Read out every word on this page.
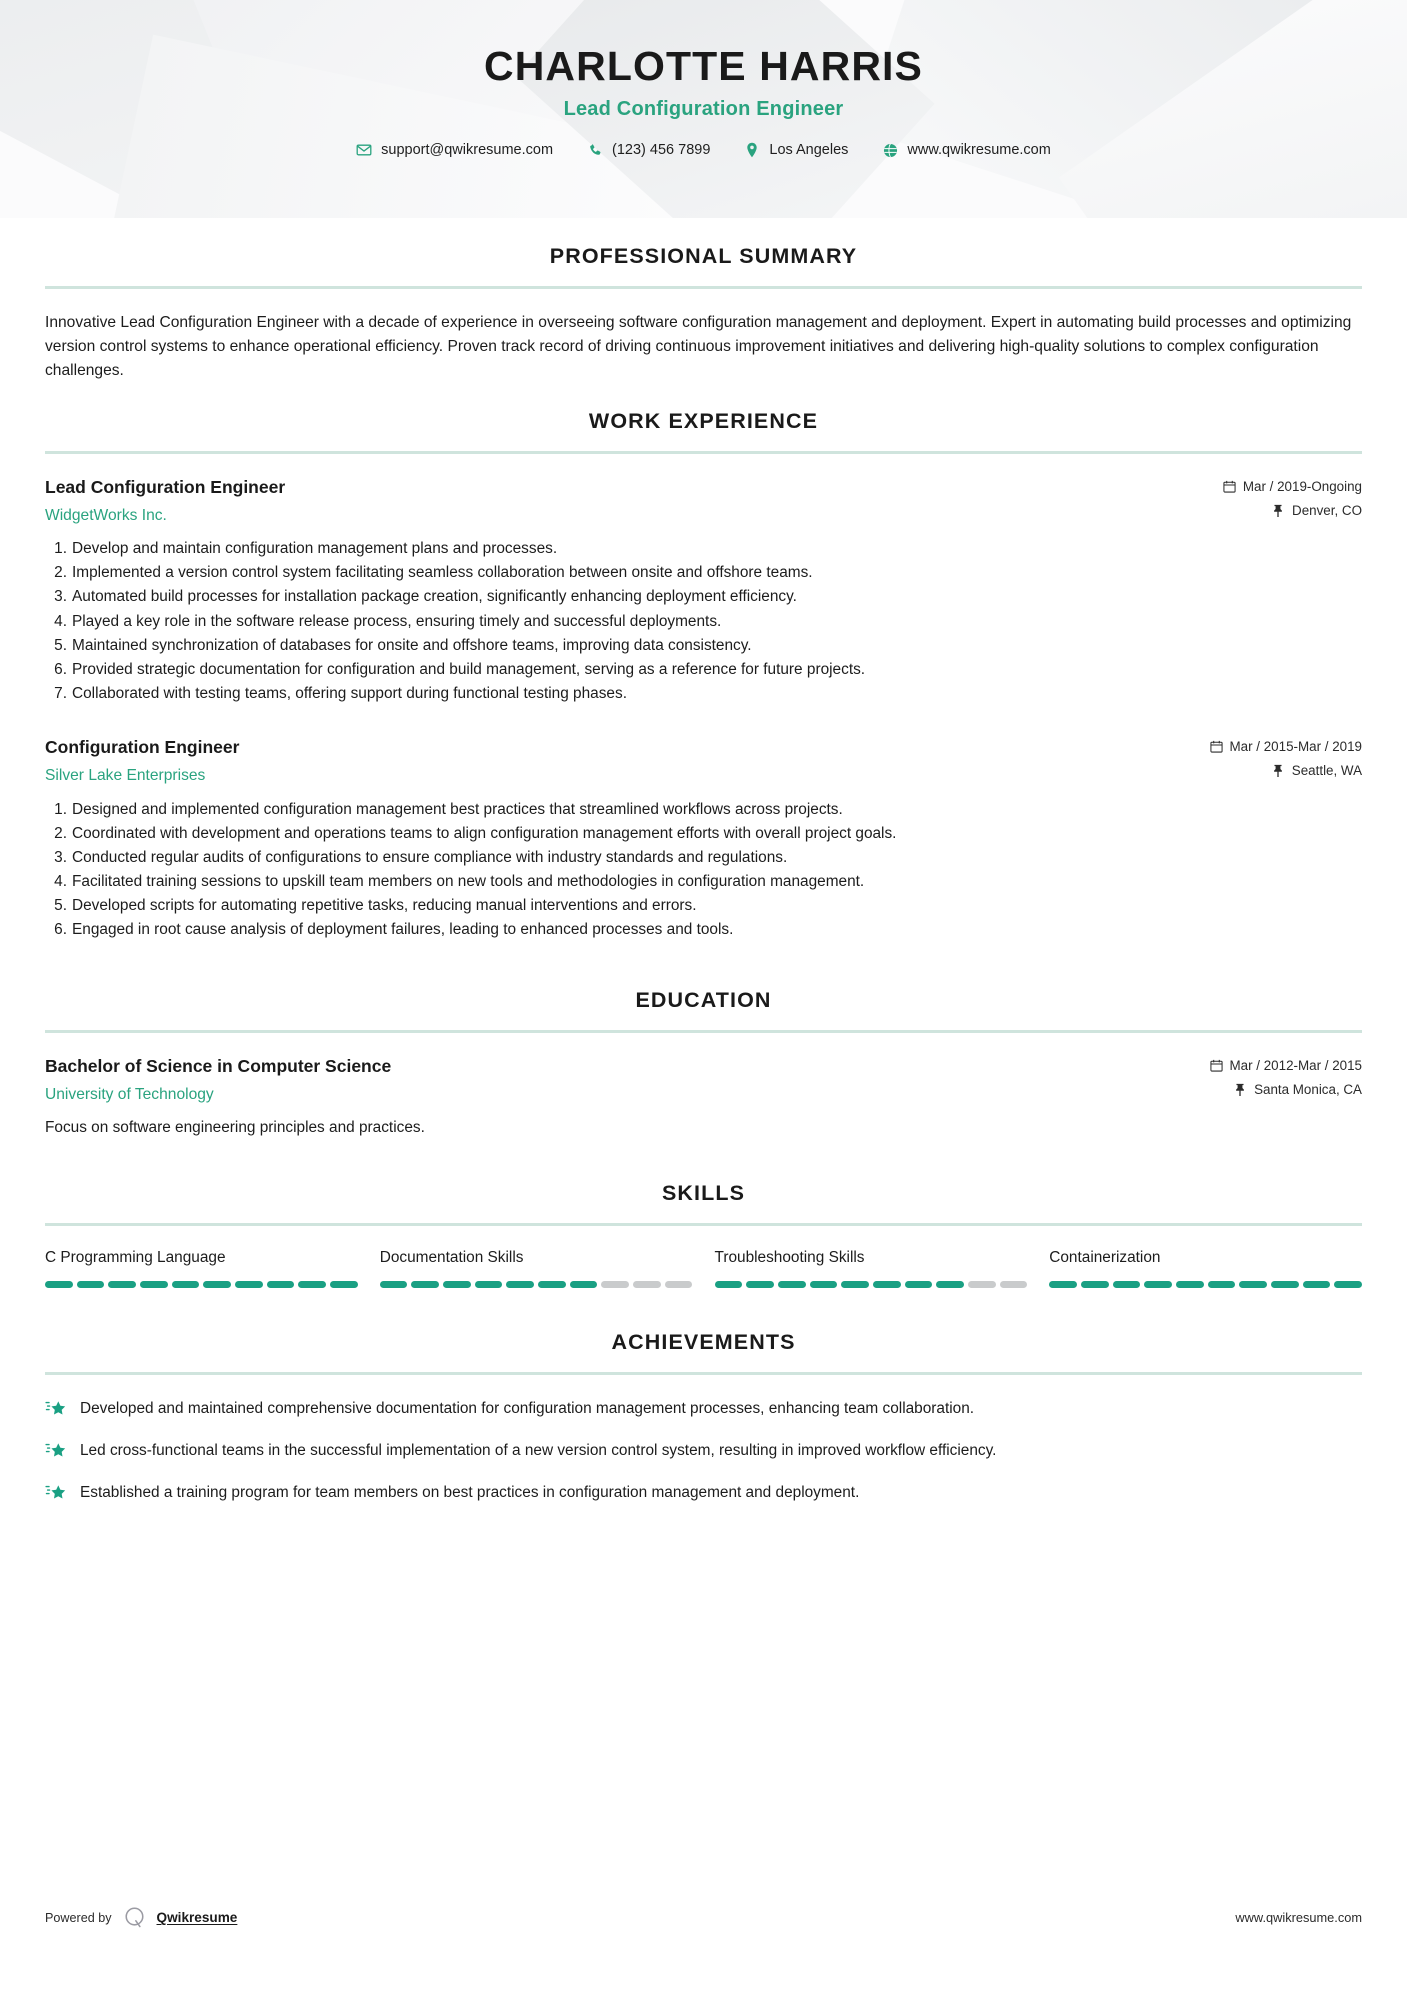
CHARLOTTE HARRIS
Lead Configuration Engineer
support@qwikresume.com	(123) 456 7899	Los Angeles	www.qwikresume.com
PROFESSIONAL SUMMARY
Innovative Lead Configuration Engineer with a decade of experience in overseeing software configuration management and deployment. Expert in automating build processes and optimizing version control systems to enhance operational efficiency. Proven track record of driving continuous improvement initiatives and delivering high-quality solutions to complex configuration challenges.
WORK EXPERIENCE
Lead Configuration Engineer
WidgetWorks Inc.
Mar / 2019-Ongoing
Denver, CO
Develop and maintain configuration management plans and processes.
Implemented a version control system facilitating seamless collaboration between onsite and offshore teams.
Automated build processes for installation package creation, significantly enhancing deployment efficiency.
Played a key role in the software release process, ensuring timely and successful deployments.
Maintained synchronization of databases for onsite and offshore teams, improving data consistency.
Provided strategic documentation for configuration and build management, serving as a reference for future projects.
Collaborated with testing teams, offering support during functional testing phases.
Configuration Engineer
Silver Lake Enterprises
Mar / 2015-Mar / 2019
Seattle, WA
Designed and implemented configuration management best practices that streamlined workflows across projects.
Coordinated with development and operations teams to align configuration management efforts with overall project goals.
Conducted regular audits of configurations to ensure compliance with industry standards and regulations.
Facilitated training sessions to upskill team members on new tools and methodologies in configuration management.
Developed scripts for automating repetitive tasks, reducing manual interventions and errors.
Engaged in root cause analysis of deployment failures, leading to enhanced processes and tools.
EDUCATION
Bachelor of Science in Computer Science
University of Technology
Mar / 2012-Mar / 2015
Santa Monica, CA
Focus on software engineering principles and practices.
SKILLS
C Programming Language	Documentation Skills	Troubleshooting Skills	Containerization
ACHIEVEMENTS
Developed and maintained comprehensive documentation for configuration management processes, enhancing team collaboration.
Led cross-functional teams in the successful implementation of a new version control system, resulting in improved workflow efficiency.
Established a training program for team members on best practices in configuration management and deployment.
Powered by	Qwikresume	www.qwikresume.com
